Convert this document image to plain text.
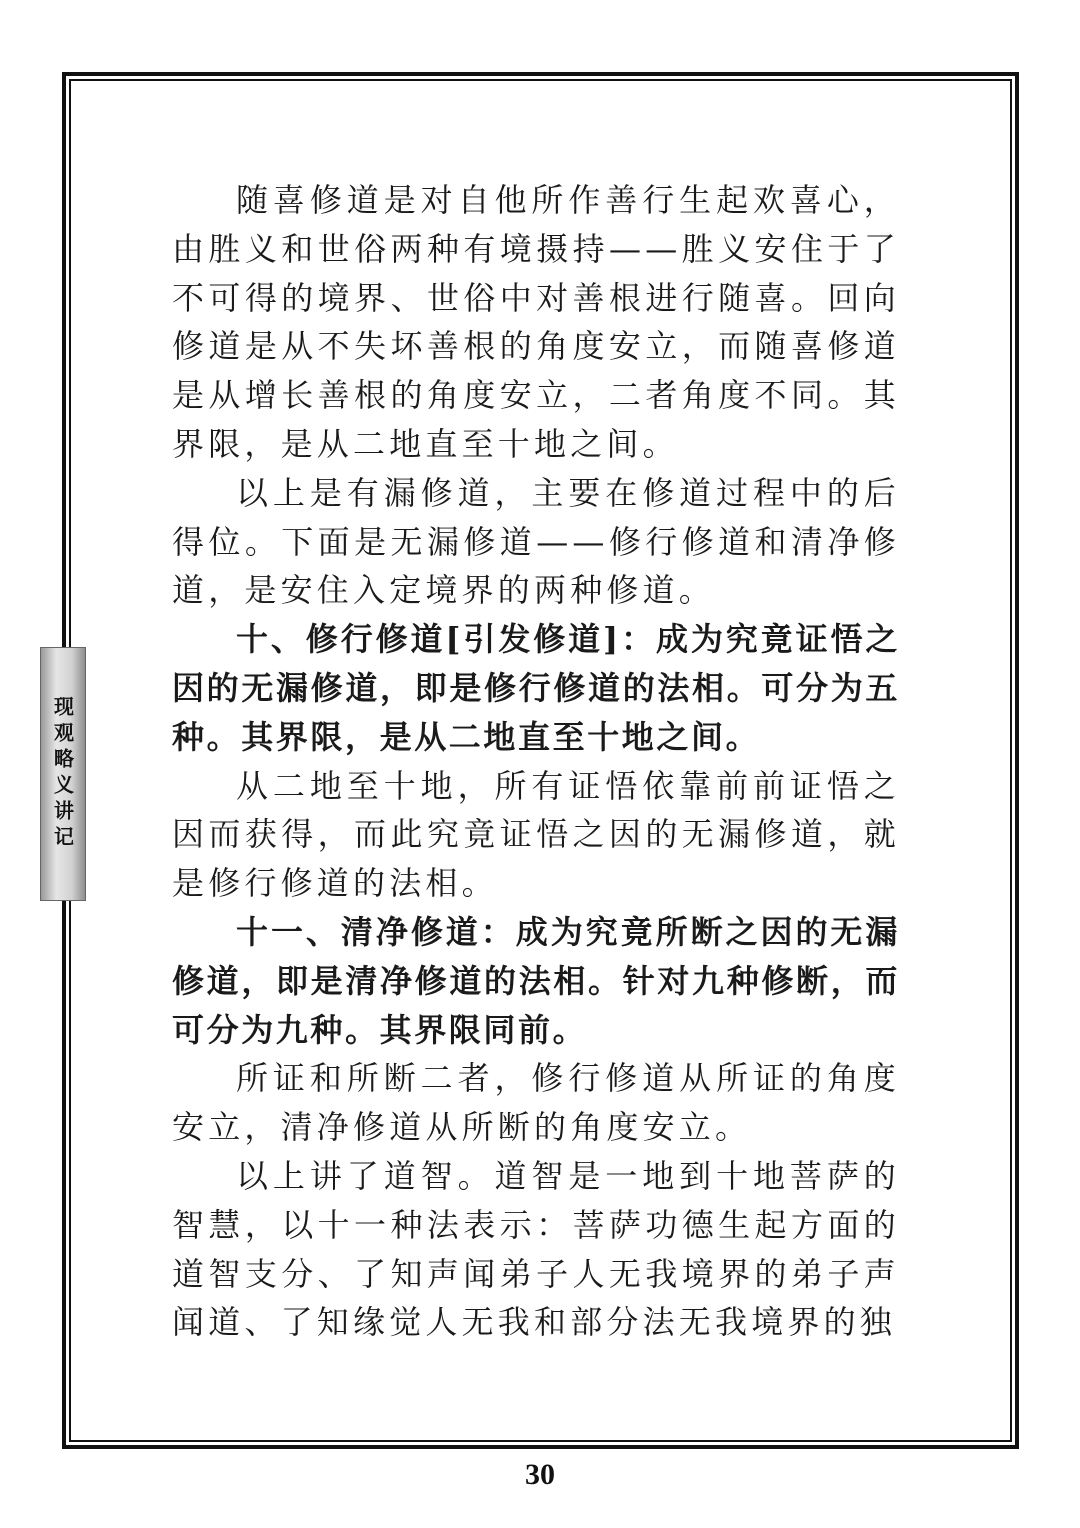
现观略义讲记

随喜修道是对自他所作善行生起欢喜心，由胜义和世俗两种有境摄持——胜义安住于了不可得的境界、世俗中对善根进行随喜。回向修道是从不失坏善根的角度安立，而随喜修道是从增长善根的角度安立，二者角度不同。其界限，是从二地直至十地之间。

以上是有漏修道，主要在修道过程中的后得位。下面是无漏修道——修行修道和清净修道，是安住入定境界的两种修道。

十、修行修道[引发修道]：成为究竟证悟之因的无漏修道，即是修行修道的法相。可分为五种。其界限，是从二地直至十地之间。

从二地至十地，所有证悟依靠前前证悟之因而获得，而此究竟证悟之因的无漏修道，就是修行修道的法相。

十一、清净修道：成为究竟所断之因的无漏修道，即是清净修道的法相。针对九种修断，而可分为九种。其界限同前。

所证和所断二者，修行修道从所证的角度安立，清净修道从所断的角度安立。

以上讲了道智。道智是一地到十地菩萨的智慧，以十一种法表示：菩萨功德生起方面的道智支分、了知声闻弟子人无我境界的弟子声闻道、了知缘觉人无我和部分法无我境界的独

30
